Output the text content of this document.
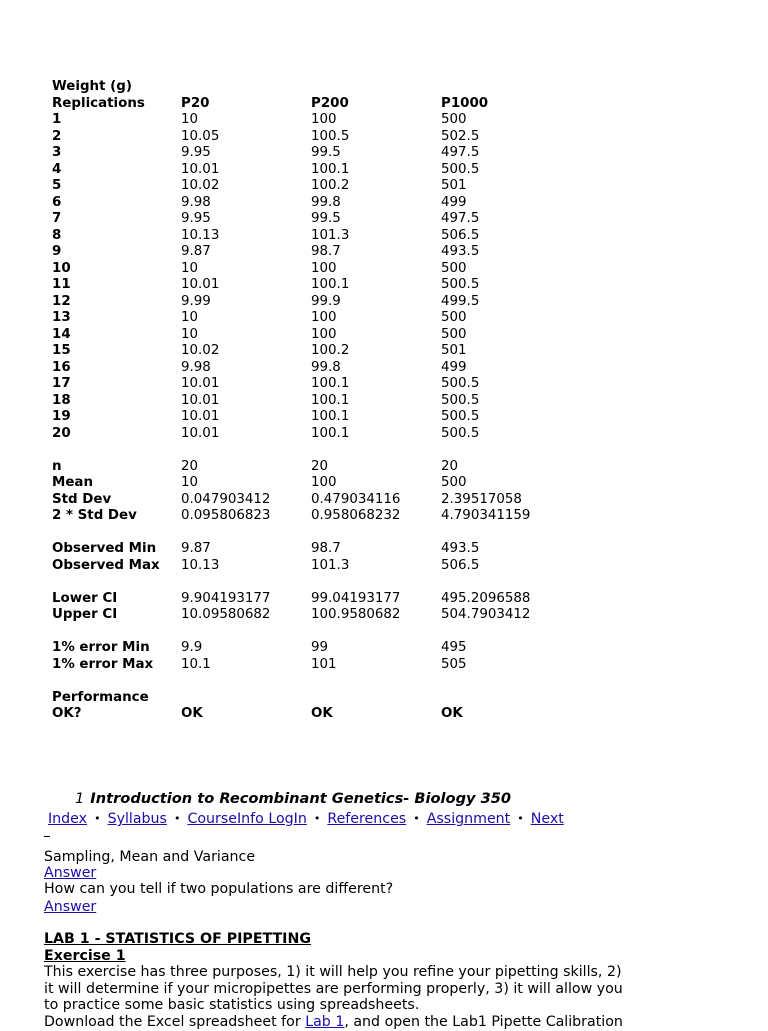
Weight (g)			
Replications	P20	P200	P1000
1	10	100	500
2	10.05	100.5	502.5
3	9.95	99.5	497.5
4	10.01	100.1	500.5
5	10.02	100.2	501
6	9.98	99.8	499
7	9.95	99.5	497.5
8	10.13	101.3	506.5
9	9.87	98.7	493.5
10	10	100	500
11	10.01	100.1	500.5
12	9.99	99.9	499.5
13	10	100	500
14	10	100	500
15	10.02	100.2	501
16	9.98	99.8	499
17	10.01	100.1	500.5
18	10.01	100.1	500.5
19	10.01	100.1	500.5
20	10.01	100.1	500.5

n	20	20	20
Mean	10	100	500
Std Dev	0.047903412	0.479034116	2.39517058
2 * Std Dev	0.095806823	0.958068232	4.790341159

Observed Min	9.87	98.7	493.5
Observed Max	10.13	101.3	506.5

Lower CI	9.904193177	99.04193177	495.2096588
Upper CI	10.09580682	100.9580682	504.7903412

1% error Min	9.9	99	495
1% error Max	10.1	101	505

Performance			
OK?	OK	OK	OK
1 Introduction to Recombinant Genetics- Biology 350
Index • Syllabus • CourseInfo LogIn • References • Assignment • Next
Sampling, Mean and Variance
Answer
How can you tell if two populations are different?
Answer
LAB 1 - STATISTICS OF PIPETTING
Exercise 1
This exercise has three purposes, 1) it will help you refine your pipetting skills, 2) it will determine if your micropipettes are performing properly, 3) it will allow you to practice some basic statistics using spreadsheets.
Download the Excel spreadsheet for Lab 1, and open the Lab1 Pipette Calibration
